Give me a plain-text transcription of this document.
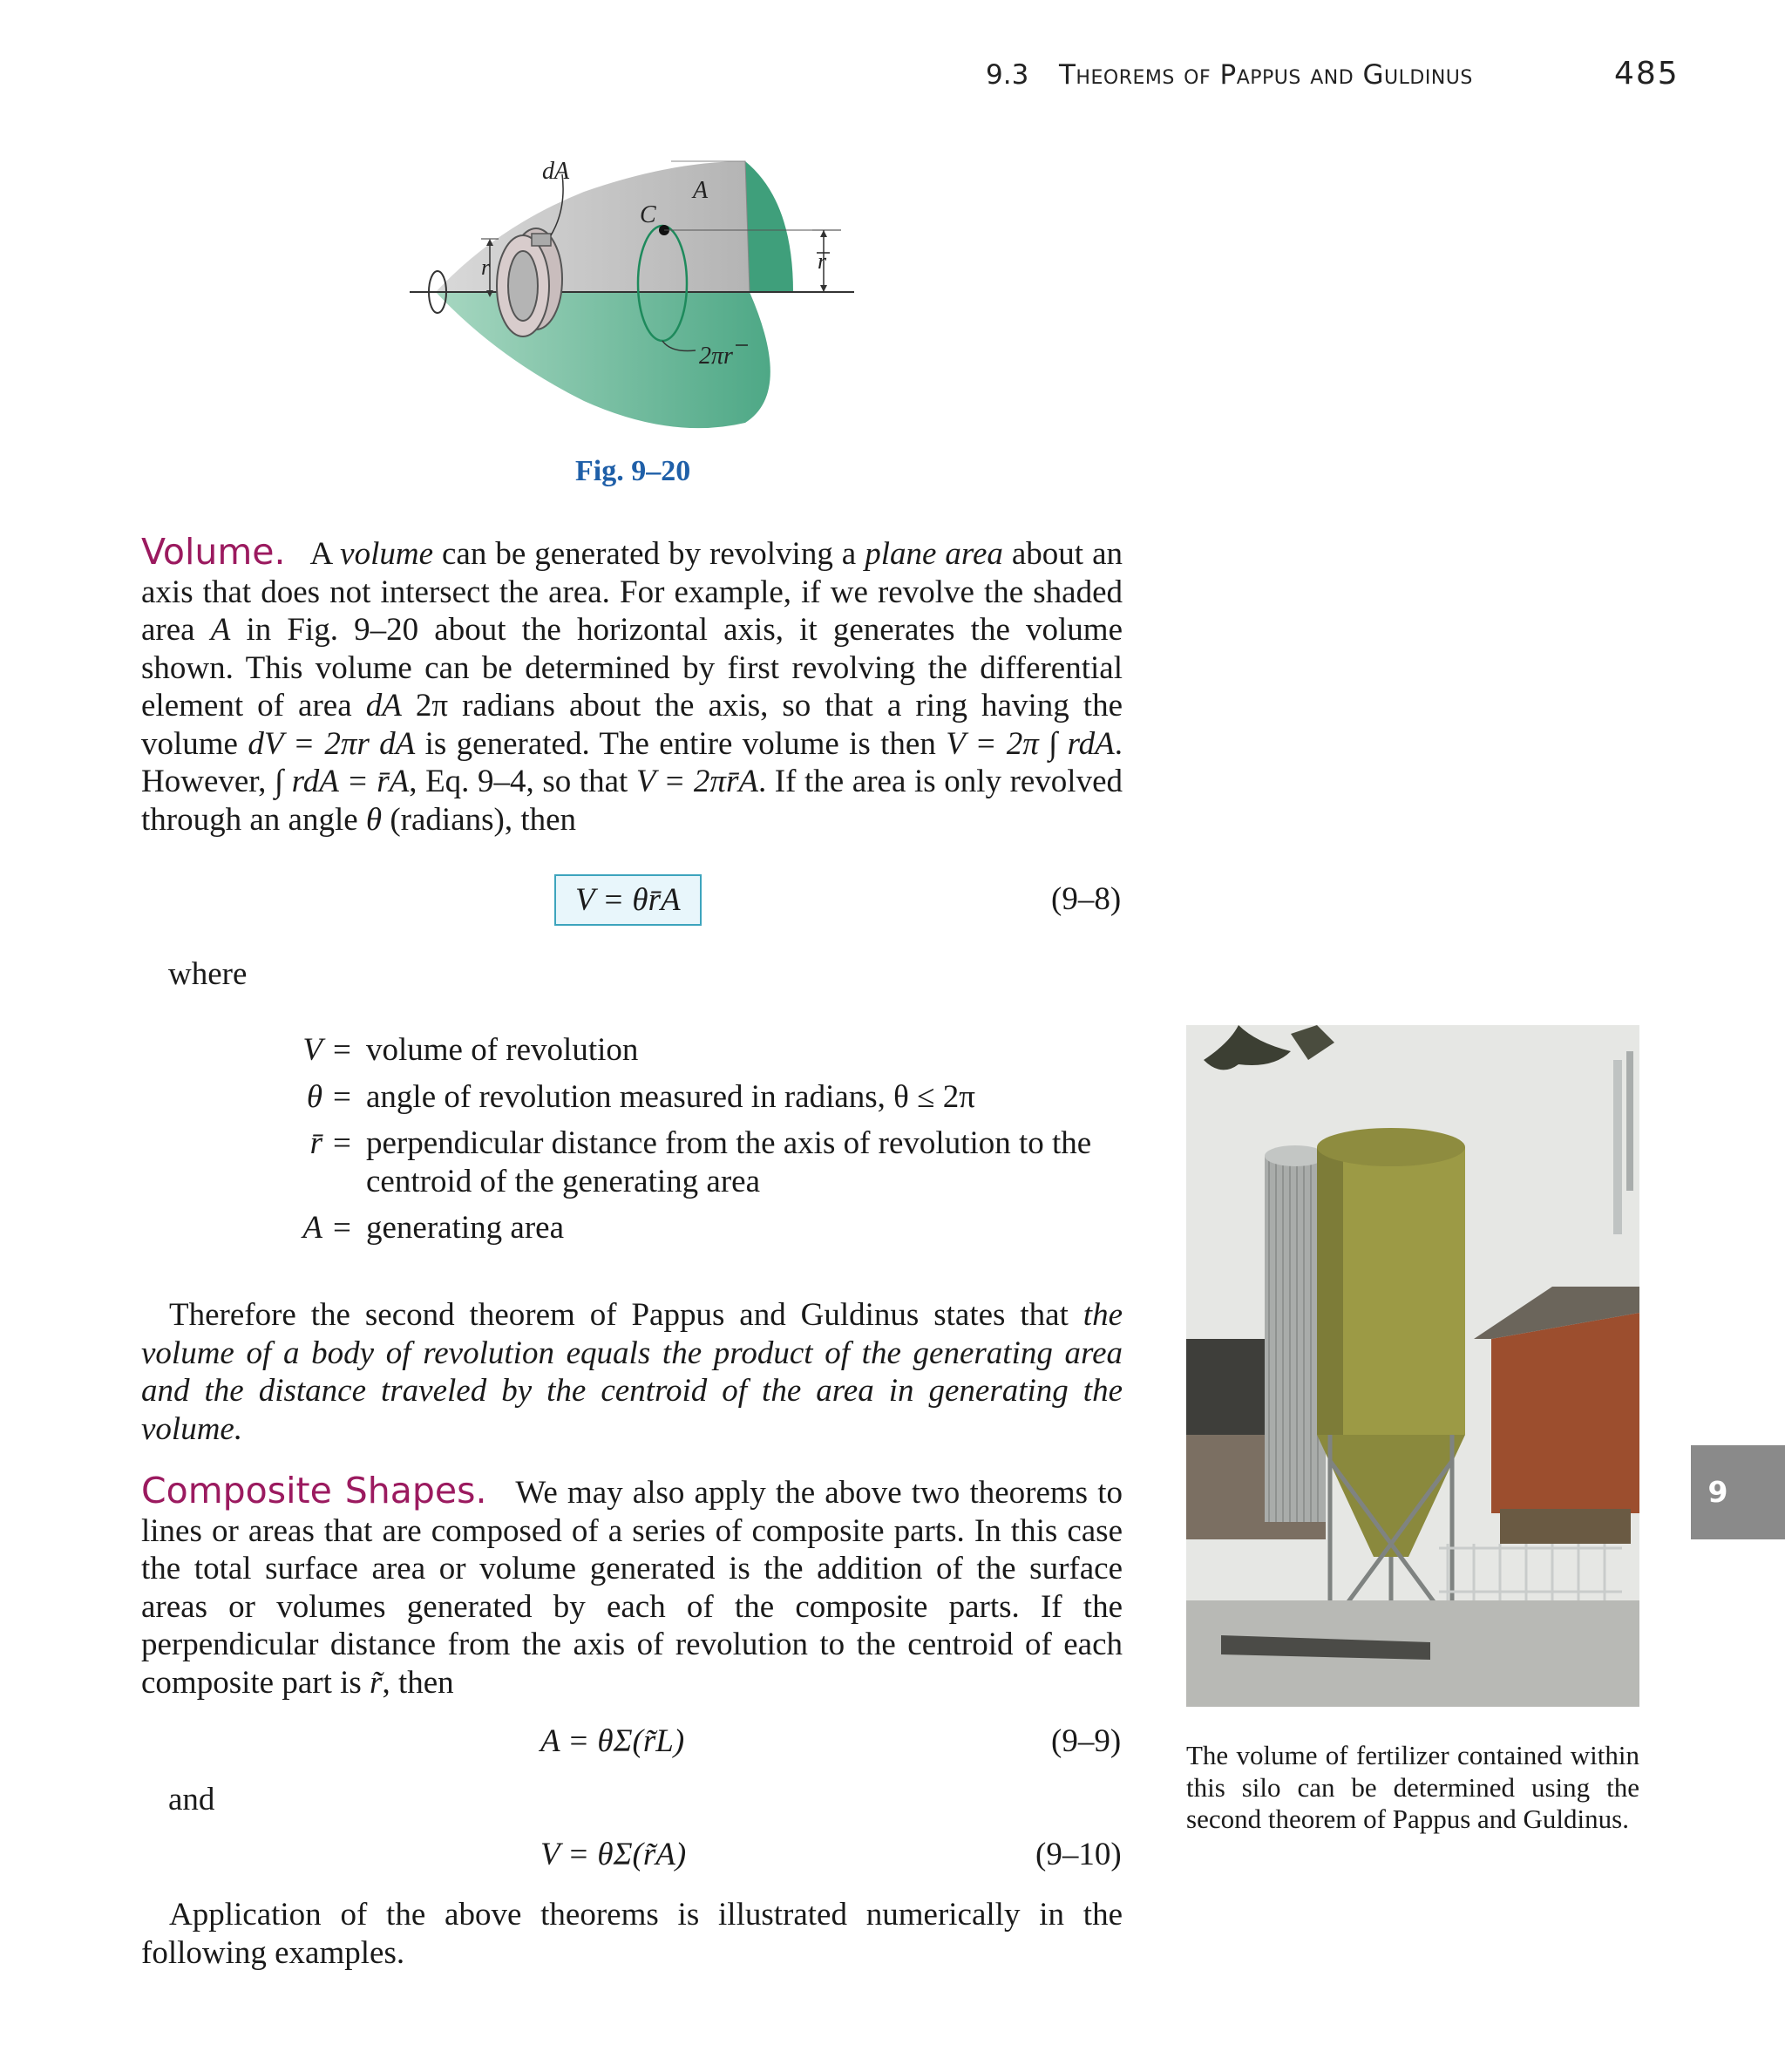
9.3 Theorems of Pappus and Guldinus	485
dA
A
C
r	r
2πr
Fig. 9–20
Volume. A volume can be generated by revolving a plane area about an axis that does not intersect the area. For example, if we revolve the shaded area A in Fig. 9–20 about the horizontal axis, it generates the volume shown. This volume can be determined by first revolving the differential element of area dA 2π radians about the axis, so that a ring having the volume dV = 2πr dA is generated. The entire volume is then V = 2π ∫ rdA. However, ∫ rdA = r̄A, Eq. 9–4, so that V = 2πr̄A. If the area is only revolved through an angle θ (radians), then
V = θr̄A	(9–8)
where
V = volume of revolution
θ = angle of revolution measured in radians, θ ≤ 2π
r̄ = perpendicular distance from the axis of revolution to the centroid of the generating area
A = generating area
Therefore the second theorem of Pappus and Guldinus states that the volume of a body of revolution equals the product of the generating area and the distance traveled by the centroid of the area in generating the volume.
Composite Shapes. We may also apply the above two theorems to lines or areas that are composed of a series of composite parts. In this case the total surface area or volume generated is the addition of the surface areas or volumes generated by each of the composite parts. If the perpendicular distance from the axis of revolution to the centroid of each composite part is r̃, then
A = θΣ(r̃L)	(9–9)
and
V = θΣ(r̃A)	(9–10)
Application of the above theorems is illustrated numerically in the following examples.
The volume of fertilizer contained within this silo can be determined using the second theorem of Pappus and Guldinus.
9
